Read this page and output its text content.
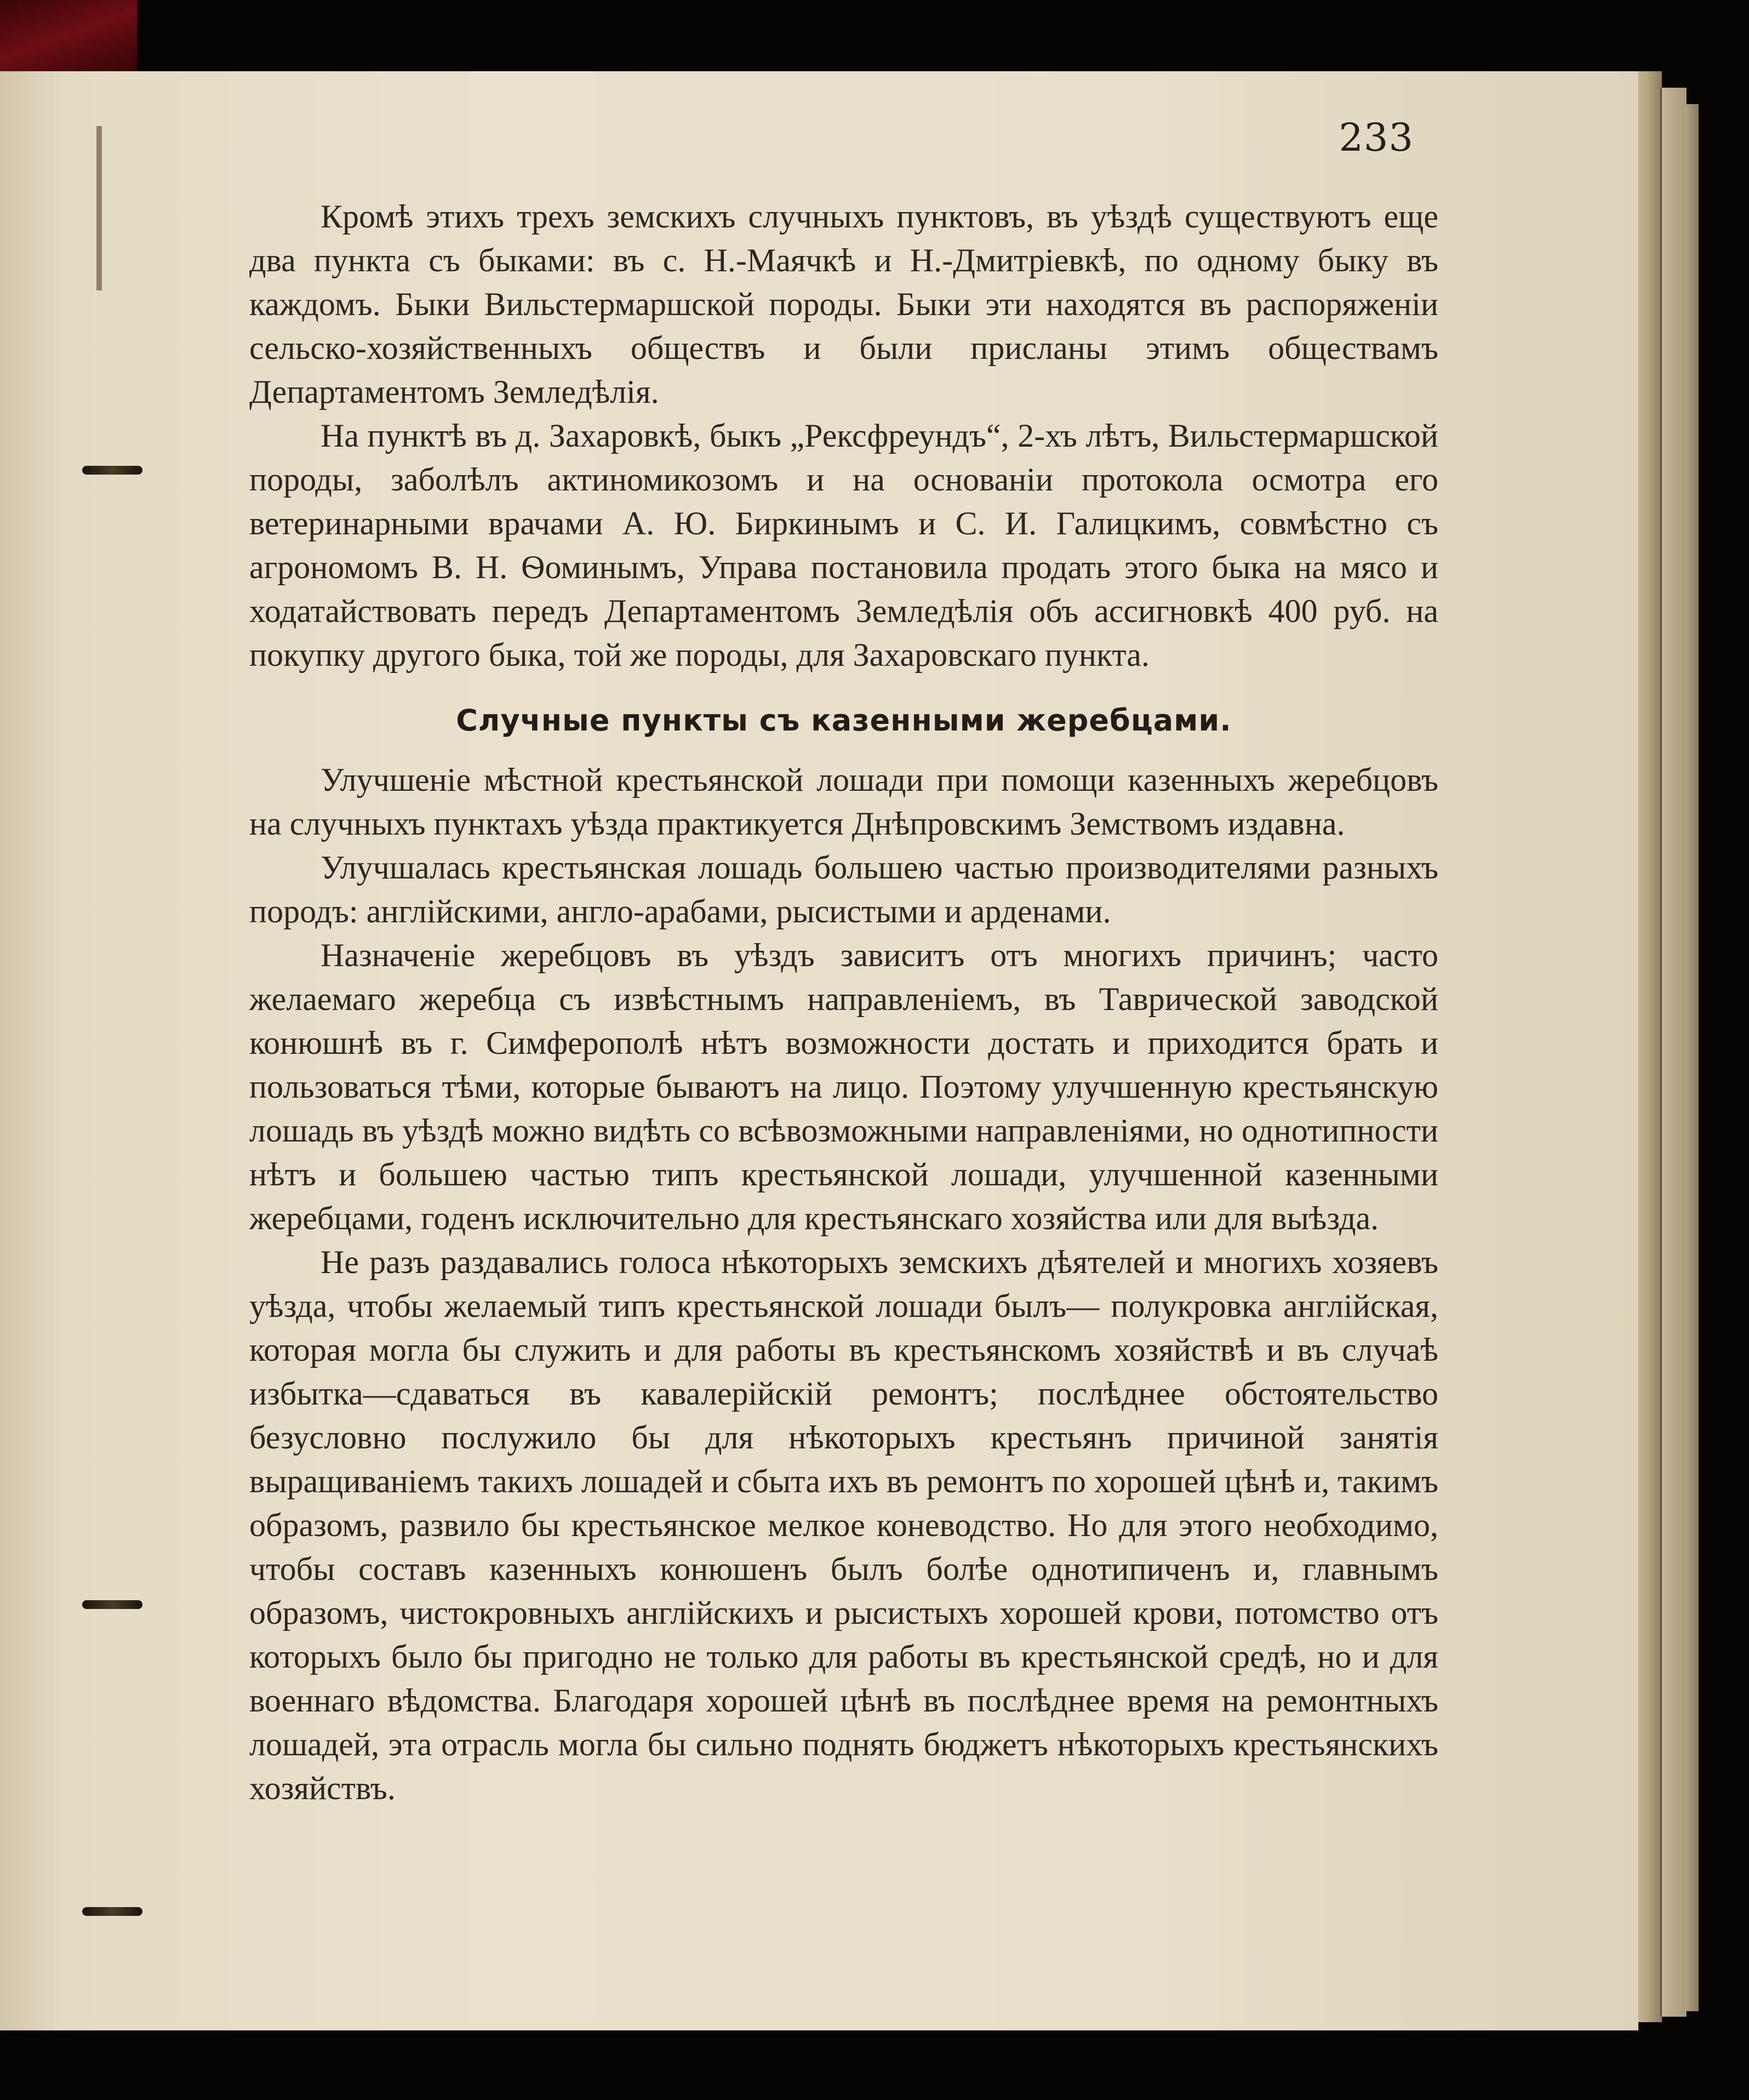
233

Кромѣ этихъ трехъ земскихъ случныхъ пунктовъ, въ уѣздѣ существуютъ еще два пункта съ быками: въ с. Н.-Маячкѣ и Н.-Дмитріевкѣ, по одному быку въ каждомъ. Быки Вильстермаршской породы. Быки эти находятся въ распоряженіи сельско-хозяйственныхъ обществъ и были присланы этимъ обществамъ Департаментомъ Земледѣлія.

На пунктѣ въ д. Захаровкѣ, быкъ „Рексфреундъ“, 2-хъ лѣтъ, Вильстермаршской породы, заболѣлъ актиномикозомъ и на основаніи протокола осмотра его ветеринарными врачами А. Ю. Биркинымъ и С. И. Галицкимъ, совмѣстно съ агрономомъ В. Н. Ѳоминымъ, Управа постановила продать этого быка на мясо и ходатайствовать передъ Департаментомъ Земледѣлія объ ассигновкѣ 400 руб. на покупку другого быка, той же породы, для Захаровскаго пункта.

Случные пункты съ казенными жеребцами.

Улучшеніе мѣстной крестьянской лошади при помощи казенныхъ жеребцовъ на случныхъ пунктахъ уѣзда практикуется Днѣпровскимъ Земствомъ издавна.

Улучшалась крестьянская лошадь большею частью производителями разныхъ породъ: англійскими, англо-арабами, рысистыми и арденами.

Назначеніе жеребцовъ въ уѣздъ зависитъ отъ многихъ причинъ; часто желаемаго жеребца съ извѣстнымъ направленіемъ, въ Таврической заводской конюшнѣ въ г. Симферополѣ нѣтъ возможности достать и приходится брать и пользоваться тѣми, которые бываютъ на лицо. Поэтому улучшенную крестьянскую лошадь въ уѣздѣ можно видѣть со всѣвозможными направленіями, но однотипности нѣтъ и большею частью типъ крестьянской лошади, улучшенной казенными жеребцами, годенъ исключительно для крестьянскаго хозяйства или для выѣзда.

Не разъ раздавались голоса нѣкоторыхъ земскихъ дѣятелей и многихъ хозяевъ уѣзда, чтобы желаемый типъ крестьянской лошади былъ— полукровка англійская, которая могла бы служить и для работы въ крестьянскомъ хозяйствѣ и въ случаѣ избытка—сдаваться въ кавалерійскій ремонтъ; послѣднее обстоятельство безусловно послужило бы для нѣкоторыхъ крестьянъ причиной занятія выращиваніемъ такихъ лошадей и сбыта ихъ въ ремонтъ по хорошей цѣнѣ и, такимъ образомъ, развило бы крестьянское мелкое коневодство. Но для этого необходимо, чтобы составъ казенныхъ конюшенъ былъ болѣе однотипиченъ и, главнымъ образомъ, чистокровныхъ англійскихъ и рысистыхъ хорошей крови, потомство отъ которыхъ было бы пригодно не только для работы въ крестьянской средѣ, но и для военнаго вѣдомства. Благодаря хорошей цѣнѣ въ послѣднее время на ремонтныхъ лошадей, эта отрасль могла бы сильно поднять бюджетъ нѣкоторыхъ крестьянскихъ хозяйствъ.
